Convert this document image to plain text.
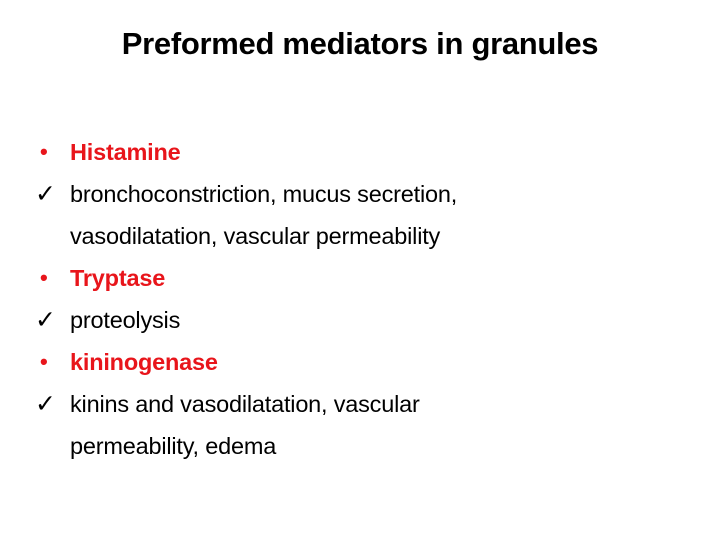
Preformed mediators in granules
• Histamine
✓ bronchoconstriction, mucus secretion,
vasodilatation, vascular permeability
• Tryptase
✓ proteolysis
• kininogenase
✓ kinins and vasodilatation, vascular
permeability, edema
